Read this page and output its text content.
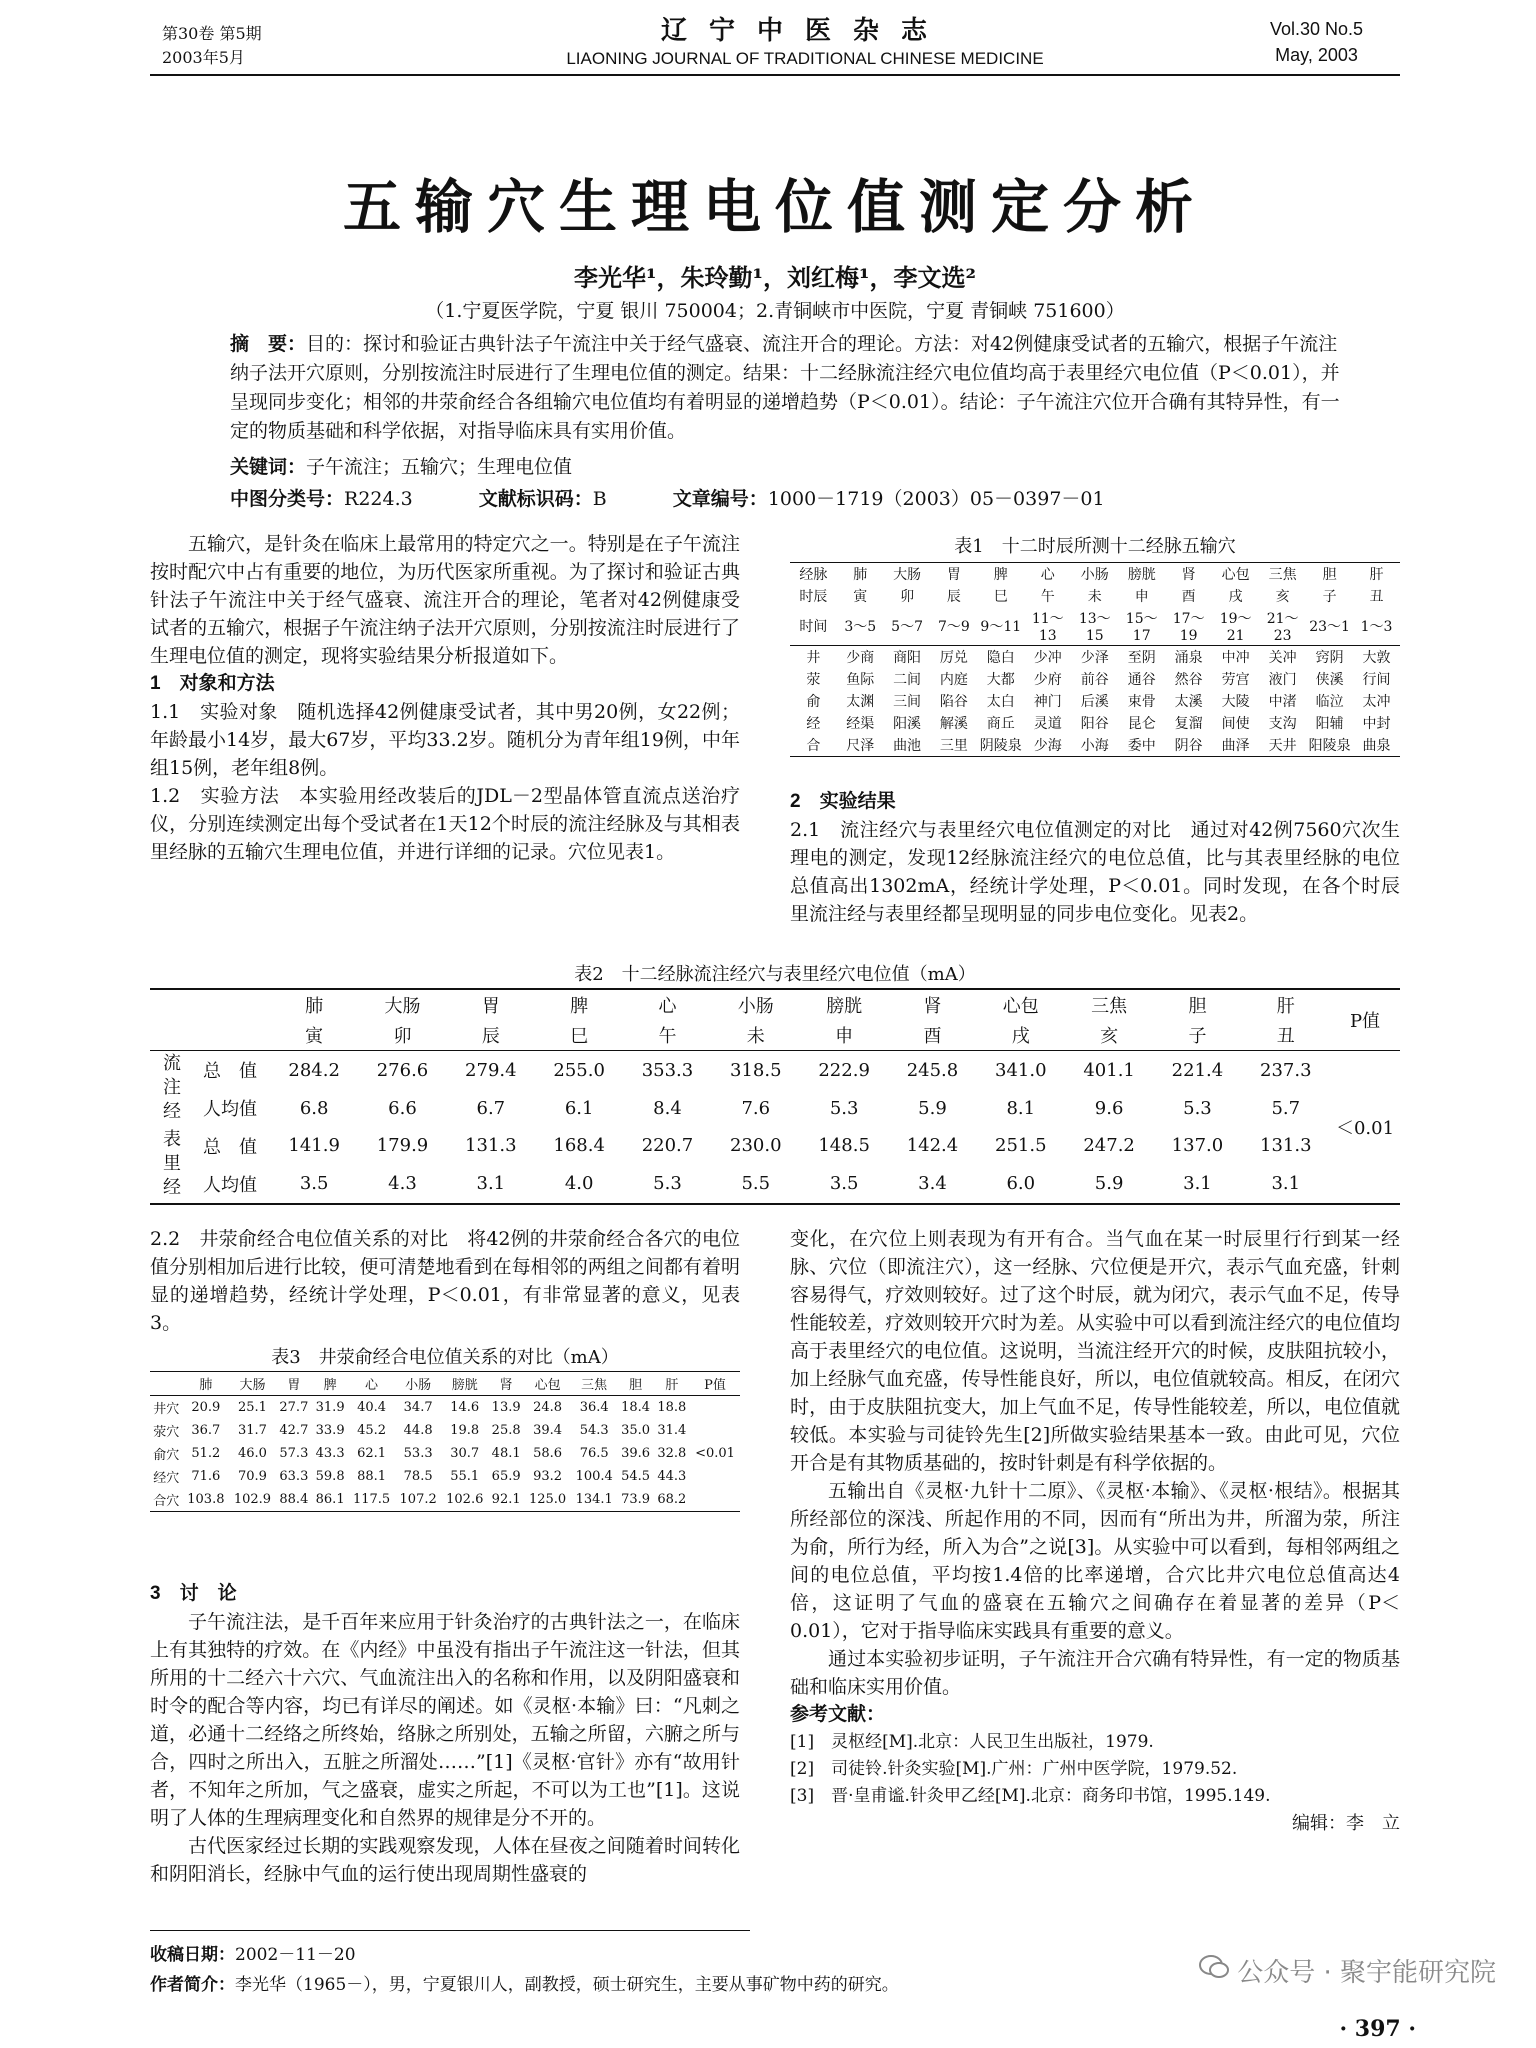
第30卷 第5期
2003年5月
辽宁中医杂志
LIAONING JOURNAL OF TRADITIONAL CHINESE MEDICINE
Vol.30 No.5
May, 2003
五输穴生理电位值测定分析
李光华¹，朱玲勤¹，刘红梅¹，李文选²
（1.宁夏医学院，宁夏 银川 750004；2.青铜峡市中医院，宁夏 青铜峡 751600）
摘　要：目的：探讨和验证古典针法子午流注中关于经气盛衰、流注开合的理论。方法：对42例健康受试者的五输穴，根据子午流注纳子法开穴原则，分别按流注时辰进行了生理电位值的测定。结果：十二经脉流注经穴电位值均高于表里经穴电位值（P＜0.01），并呈现同步变化；相邻的井荥俞经合各组输穴电位值均有着明显的递增趋势（P＜0.01）。结论：子午流注穴位开合确有其特异性，有一定的物质基础和科学依据，对指导临床具有实用价值。
关键词：子午流注；五输穴；生理电位值
中图分类号：R224.3	文献标识码：B	文章编号：1000－1719（2003）05－0397－01

五输穴，是针灸在临床上最常用的特定穴之一。特别是在子午流注按时配穴中占有重要的地位，为历代医家所重视。为了探讨和验证古典针法子午流注中关于经气盛衰、流注开合的理论，笔者对42例健康受试者的五输穴，根据子午流注纳子法开穴原则，分别按流注时辰进行了生理电位值的测定，现将实验结果分析报道如下。

1　对象和方法

1.1　实验对象　随机选择42例健康受试者，其中男20例，女22例；年龄最小14岁，最大67岁，平均33.2岁。随机分为青年组19例，中年组15例，老年组8例。

1.2　实验方法　本实验用经改装后的JDL－2型晶体管直流点送治疗仪，分别连续测定出每个受试者在1天12个时辰的流注经脉及与其相表里经脉的五输穴生理电位值，并进行详细的记录。穴位见表1。

表1　十二时辰所测十二经脉五输穴
经脉	肺	大肠	胃	脾	心	小肠	膀胱	肾	心包	三焦	胆	肝
时辰	寅	卯	辰	巳	午	未	申	酉	戌	亥	子	丑
时间	3～5	5～7	7～9	9～11	11～13	13～15	15～17	17～19	19～21	21～23	23～1	1～3
井	少商	商阳	厉兑	隐白	少冲	少泽	至阴	涌泉	中冲	关冲	窍阴	大敦
荥	鱼际	二间	内庭	大都	少府	前谷	通谷	然谷	劳宫	液门	侠溪	行间
俞	太渊	三间	陷谷	太白	神门	后溪	束骨	太溪	大陵	中渚	临泣	太冲
经	经渠	阳溪	解溪	商丘	灵道	阳谷	昆仑	复溜	间使	支沟	阳辅	中封
合	尺泽	曲池	三里	阴陵泉	少海	小海	委中	阴谷	曲泽	天井	阳陵泉	曲泉
2　实验结果

2.1　流注经穴与表里经穴电位值测定的对比　通过对42例7560穴次生理电的测定，发现12经脉流注经穴的电位总值，比与其表里经脉的电位总值高出1302mA，经统计学处理，P＜0.01。同时发现，在各个时辰里流注经与表里经都呈现明显的同步电位变化。见表2。

表2　十二经脉流注经穴与表里经穴电位值（mA）
		肺	大肠	胃	脾	心	小肠	膀胱	肾	心包	三焦	胆	肝	P值
		寅	卯	辰	巳	午	未	申	酉	戌	亥	子	丑	
流注经	总　值	284.2	276.6	279.4	255.0	353.3	318.5	222.9	245.8	341.0	401.1	221.4	237.3	＜0.01
	人均值	6.8	6.6	6.7	6.1	8.4	7.6	5.3	5.9	8.1	9.6	5.3	5.7	
表里经	总　值	141.9	179.9	131.3	168.4	220.7	230.0	148.5	142.4	251.5	247.2	137.0	131.3	
	人均值	3.5	4.3	3.1	4.0	5.3	5.5	3.5	3.4	6.0	5.9	3.1	3.1	

2.2　井荥俞经合电位值关系的对比　将42例的井荥俞经合各穴的电位值分别相加后进行比较，便可清楚地看到在每相邻的两组之间都有着明显的递增趋势，经统计学处理，P＜0.01，有非常显著的意义，见表3。

表3　井荥俞经合电位值关系的对比（mA）
	肺	大肠	胃	脾	心	小肠	膀胱	肾	心包	三焦	胆	肝	P值
井穴	20.9	25.1	27.7	31.9	40.4	34.7	14.6	13.9	24.8	36.4	18.4	18.8	
荥穴	36.7	31.7	42.7	33.9	45.2	44.8	19.8	25.8	39.4	54.3	35.0	31.4	
俞穴	51.2	46.0	57.3	43.3	62.1	53.3	30.7	48.1	58.6	76.5	39.6	32.8	<0.01
经穴	71.6	70.9	63.3	59.8	88.1	78.5	55.1	65.9	93.2	100.4	54.5	44.3	
合穴	103.8	102.9	88.4	86.1	117.5	107.2	102.6	92.1	125.0	134.1	73.9	68.2	
3　讨　论

子午流注法，是千百年来应用于针灸治疗的古典针法之一，在临床上有其独特的疗效。在《内经》中虽没有指出子午流注这一针法，但其所用的十二经六十六穴、气血流注出入的名称和作用，以及阴阳盛衰和时令的配合等内容，均已有详尽的阐述。如《灵枢·本输》曰：“凡刺之道，必通十二经络之所终始，络脉之所别处，五输之所留，六腑之所与合，四时之所出入，五脏之所溜处……”[1]《灵枢·官针》亦有“故用针者，不知年之所加，气之盛衰，虚实之所起，不可以为工也”[1]。这说明了人体的生理病理变化和自然界的规律是分不开的。

古代医家经过长期的实践观察发现，人体在昼夜之间随着时间转化和阴阳消长，经脉中气血的运行使出现周期性盛衰的

变化，在穴位上则表现为有开有合。当气血在某一时辰里行行到某一经脉、穴位（即流注穴），这一经脉、穴位便是开穴，表示气血充盛，针刺容易得气，疗效则较好。过了这个时辰，就为闭穴，表示气血不足，传导性能较差，疗效则较开穴时为差。从实验中可以看到流注经穴的电位值均高于表里经穴的电位值。这说明，当流注经开穴的时候，皮肤阻抗较小，加上经脉气血充盛，传导性能良好，所以，电位值就较高。相反，在闭穴时，由于皮肤阻抗变大，加上气血不足，传导性能较差，所以，电位值就较低。本实验与司徒铃先生[2]所做实验结果基本一致。由此可见，穴位开合是有其物质基础的，按时针刺是有科学依据的。

五输出自《灵枢·九针十二原》、《灵枢·本输》、《灵枢·根结》。根据其所经部位的深浅、所起作用的不同，因而有“所出为井，所溜为荥，所注为俞，所行为经，所入为合”之说[3]。从实验中可以看到，每相邻两组之间的电位总值，平均按1.4倍的比率递增，合穴比井穴电位总值高达4倍，这证明了气血的盛衰在五输穴之间确存在着显著的差异（P＜0.01），它对于指导临床实践具有重要的意义。

通过本实验初步证明，子午流注开合穴确有特异性，有一定的物质基础和临床实用价值。

参考文献：
[1]　灵枢经[M].北京：人民卫生出版社，1979.
[2]　司徒铃.针灸实验[M].广州：广州中医学院，1979.52.
[3]　晋·皇甫谧.针灸甲乙经[M].北京：商务印书馆，1995.149.
编辑：李　立
收稿日期：2002－11－20
作者简介：李光华（1965－），男，宁夏银川人，副教授，硕士研究生，主要从事矿物中药的研究。	公众号 · 聚宇能研究院
· 397 ·
